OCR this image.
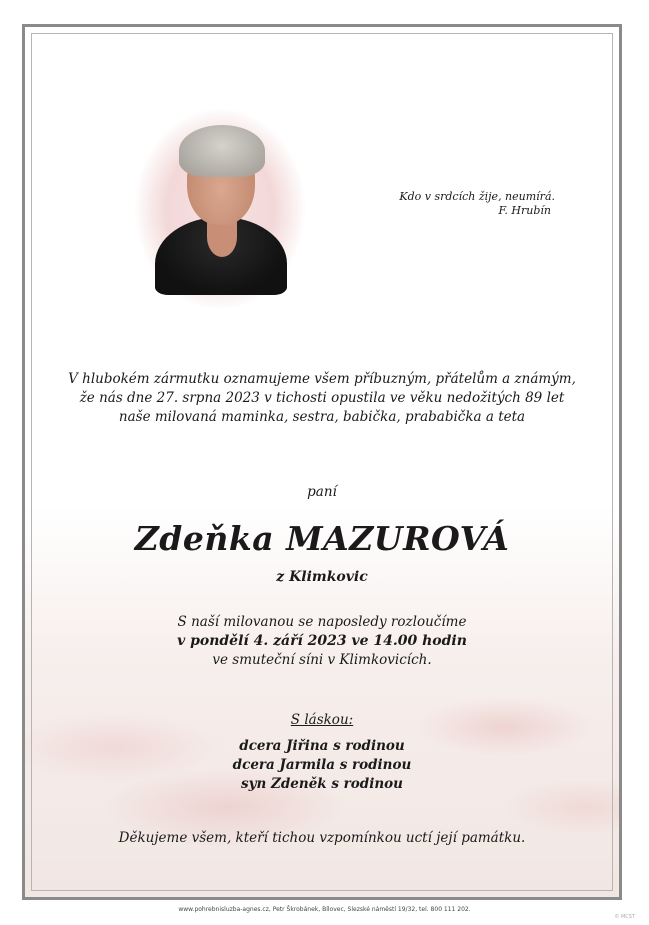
Kdo v srdcích žije, neumírá.
F. Hrubín
V hlubokém zármutku oznamujeme všem příbuzným, přátelům a známým,
že nás dne 27. srpna 2023 v tichosti opustila ve věku nedožitých 89 let
naše milovaná maminka, sestra, babička, prababička a teta
paní
Zdeňka MAZUROVÁ
z Klimkovic
S naší milovanou se naposledy rozloučíme
v pondělí 4. září 2023 ve 14.00 hodin
ve smuteční síni v Klimkovicích.
S láskou:
dcera Jiřina s rodinou
dcera Jarmila s rodinou
syn Zdeněk s rodinou
Děkujeme všem, kteří tichou vzpomínkou uctí její památku.
www.pohrebnisluzba-agnes.cz, Petr Škrobánek, Bílovec, Slezské náměstí 19/32, tel. 800 111 202.
© MCST
